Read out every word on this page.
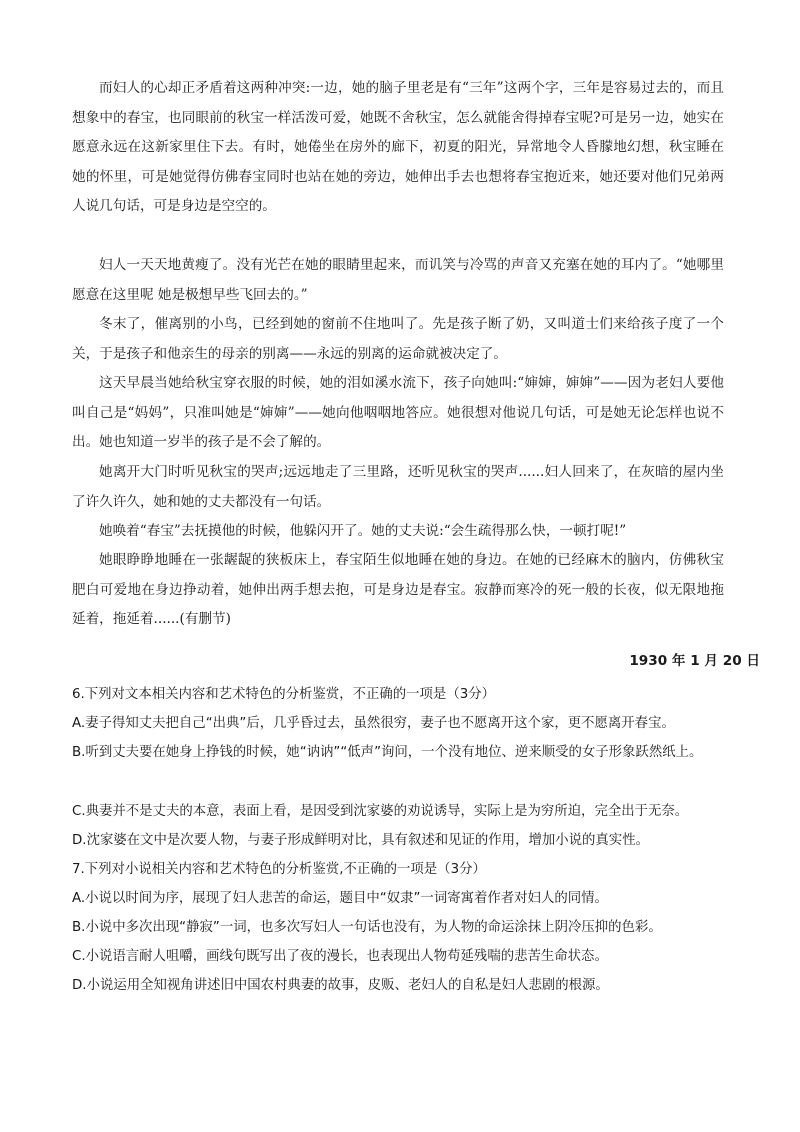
而妇人的心却正矛盾着这两种冲突:一边，她的脑子里老是有“三年”这两个字，三年是容易过去的，而且想象中的春宝，也同眼前的秋宝一样活泼可爱，她既不舍秋宝，怎么就能舍得掉春宝呢?可是另一边，她实在愿意永远在这新家里住下去。有时，她倦坐在房外的廊下，初夏的阳光，异常地令人昏朦地幻想，秋宝睡在她的怀里，可是她觉得仿佛春宝同时也站在她的旁边，她伸出手去也想将春宝抱近来，她还要对他们兄弟两人说几句话，可是身边是空空的。

妇人一天天地黄瘦了。没有光芒在她的眼睛里起来，而讥笑与冷骂的声音又充塞在她的耳内了。“她哪里愿意在这里呢 她是极想早些飞回去的。”

冬末了，催离别的小鸟，已经到她的窗前不住地叫了。先是孩子断了奶，又叫道士们来给孩子度了一个关，于是孩子和他亲生的母亲的别离——永远的别离的运命就被决定了。

这天早晨当她给秋宝穿衣服的时候，她的泪如溪水流下，孩子向她叫:“婶婶，婶婶”——因为老妇人要他叫自己是“妈妈”，只准叫她是“婶婶”——她向他咽咽地答应。她很想对他说几句话，可是她无论怎样也说不出。她也知道一岁半的孩子是不会了解的。

她离开大门时听见秋宝的哭声;远远地走了三里路，还听见秋宝的哭声......妇人回来了，在灰暗的屋内坐了许久许久，她和她的丈夫都没有一句话。

她唤着“春宝”去抚摸他的时候，他躲闪开了。她的丈夫说:“会生疏得那么快，一顿打呢!”

她眼睁睁地睡在一张龌龊的狭板床上，春宝陌生似地睡在她的身边。在她的已经麻木的脑内，仿佛秋宝肥白可爱地在身边挣动着，她伸出两手想去抱，可是身边是春宝。寂静而寒冷的死一般的长夜，似无限地拖延着，拖延着......(有删节)

1930 年 1 月 20 日

6.下列对文本相关内容和艺术特色的分析鉴赏，不正确的一项是（3分）

A.妻子得知丈夫把自己“出典”后，几乎昏过去，虽然很穷，妻子也不愿离开这个家，更不愿离开春宝。

B.听到丈夫要在她身上挣钱的时候，她“讷讷”“低声”询问，一个没有地位、逆来顺受的女子形象跃然纸上。

C.典妻并不是丈夫的本意，表面上看，是因受到沈家婆的劝说诱导，实际上是为穷所迫，完全出于无奈。

D.沈家婆在文中是次要人物，与妻子形成鲜明对比，具有叙述和见证的作用，增加小说的真实性。

7.下列对小说相关内容和艺术特色的分析鉴赏,不正确的一项是（3分）

A.小说以时间为序，展现了妇人悲苦的命运，题目中“奴隶”一词寄寓着作者对妇人的同情。

B.小说中多次出现“静寂”一词，也多次写妇人一句话也没有，为人物的命运涂抹上阴冷压抑的色彩。

C.小说语言耐人咀嚼，画线句既写出了夜的漫长，也表现出人物苟延残喘的悲苦生命状态。

D.小说运用全知视角讲述旧中国农村典妻的故事，皮贩、老妇人的自私是妇人悲剧的根源。
